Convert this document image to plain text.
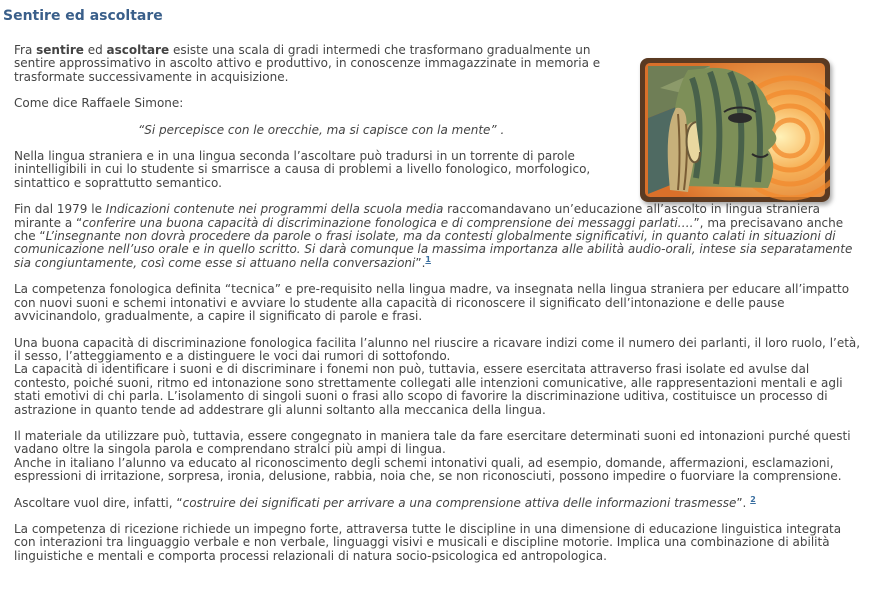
Sentire ed ascoltare

Fra sentire ed ascoltare esiste una scala di gradi intermedi che trasformano gradualmente un sentire approssimativo in ascolto attivo e produttivo, in conoscenze immagazzinate in memoria e trasformate successivamente in acquisizione.

Come dice Raffaele Simone:

“Si percepisce con le orecchie, ma si capisce con la mente” .

Nella lingua straniera e in una lingua seconda l’ascoltare può tradursi in un torrente di parole inintelligibili in cui lo studente si smarrisce a causa di problemi a livello fonologico, morfologico, sintattico e soprattutto semantico.

Fin dal 1979 le Indicazioni contenute nei programmi della scuola media raccomandavano un’educazione all’ascolto in lingua straniera mirante a “conferire una buona capacità di discriminazione fonologica e di comprensione dei messaggi parlati….”, ma precisavano anche che “L’insegnante non dovrà procedere da parole o frasi isolate, ma da contesti globalmente significativi, in quanto calati in situazioni di comunicazione nell’uso orale e in quello scritto. Si darà comunque la massima importanza alle abilità audio-orali, intese sia separatamente sia congiuntamente, così come esse si attuano nella conversazioni”.$^1$

La competenza fonologica definita “tecnica” e pre-requisito nella lingua madre, va insegnata nella lingua straniera per educare all’impatto con nuovi suoni e schemi intonativi e avviare lo studente alla capacità di riconoscere il significato dell’intonazione e delle pause avvicinandolo, gradualmente, a capire il significato di parole e frasi.

Una buona capacità di discriminazione fonologica facilita l’alunno nel riuscire a ricavare indizi come il numero dei parlanti, il loro ruolo, l’età, il sesso, l’atteggiamento e a distinguere le voci dai rumori di sottofondo.
La capacità di identificare i suoni e di discriminare i fonemi non può, tuttavia, essere esercitata attraverso frasi isolate ed avulse dal contesto, poiché suoni, ritmo ed intonazione sono strettamente collegati alle intenzioni comunicative, alle rappresentazioni mentali e agli stati emotivi di chi parla. L’isolamento di singoli suoni o frasi allo scopo di favorire la discriminazione uditiva, costituisce un processo di astrazione in quanto tende ad addestrare gli alunni soltanto alla meccanica della lingua.

Il materiale da utilizzare può, tuttavia, essere congegnato in maniera tale da fare esercitare determinati suoni ed intonazioni purché questi vadano oltre la singola parola e comprendano stralci più ampi di lingua.
Anche in italiano l’alunno va educato al riconoscimento degli schemi intonativi quali, ad esempio, domande, affermazioni, esclamazioni, espressioni di irritazione, sorpresa, ironia, delusione, rabbia, noia che, se non riconosciuti, possono impedire o fuorviare la comprensione.

Ascoltare vuol dire, infatti, “costruire dei significati per arrivare a una comprensione attiva delle informazioni trasmesse”. $^2$

La competenza di ricezione richiede un impegno forte, attraversa tutte le discipline in una dimensione di educazione linguistica integrata con interazioni tra linguaggio verbale e non verbale, linguaggi visivi e musicali e discipline motorie. Implica una combinazione di abilità linguistiche e mentali e comporta processi relazionali di natura socio-psicologica ed antropologica.
